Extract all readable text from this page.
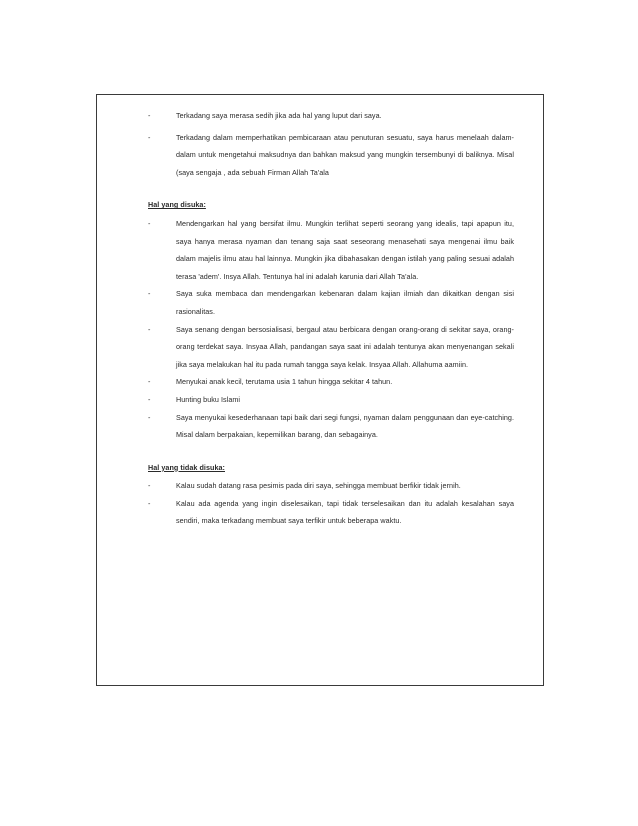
-	Terkadang saya merasa sedih jika ada hal yang luput dari saya.
-	Terkadang dalam memperhatikan pembicaraan atau penuturan sesuatu, saya harus menelaah dalam-dalam untuk mengetahui maksudnya dan bahkan maksud yang mungkin tersembunyi di baliknya. Misal (saya sengaja , ada sebuah Firman Allah Ta'ala
Hal yang disuka:
-	Mendengarkan hal yang bersifat ilmu. Mungkin terlihat seperti seorang yang idealis, tapi apapun itu, saya hanya merasa nyaman dan tenang saja saat seseorang menasehati saya mengenai ilmu baik dalam majelis ilmu atau hal lainnya. Mungkin jika dibahasakan dengan istilah yang paling sesuai adalah terasa 'adem'. Insya Allah. Tentunya hal ini adalah karunia dari Allah Ta'ala.
-	Saya suka membaca dan mendengarkan kebenaran dalam kajian ilmiah dan dikaitkan dengan sisi rasionalitas.
-	Saya senang dengan bersosialisasi, bergaul atau berbicara dengan orang-orang di sekitar saya, orang-orang terdekat saya. Insyaa Allah, pandangan saya saat ini adalah tentunya akan menyenangan sekali jika saya melakukan hal itu pada rumah tangga saya kelak. Insyaa Allah. Allahuma aamiin.
-	Menyukai anak kecil, terutama usia 1 tahun hingga sekitar 4 tahun.
-	Hunting buku Islami
-	Saya menyukai kesederhanaan tapi baik dari segi fungsi, nyaman dalam penggunaan dan eye-catching. Misal dalam berpakaian, kepemilikan barang, dan sebagainya.
Hal yang tidak disuka:
-	Kalau sudah datang rasa pesimis pada diri saya, sehingga membuat berfikir tidak jernih.
-	Kalau ada agenda yang ingin diselesaikan, tapi tidak terselesaikan dan itu adalah kesalahan saya sendiri, maka terkadang membuat saya terfikir untuk beberapa waktu.
